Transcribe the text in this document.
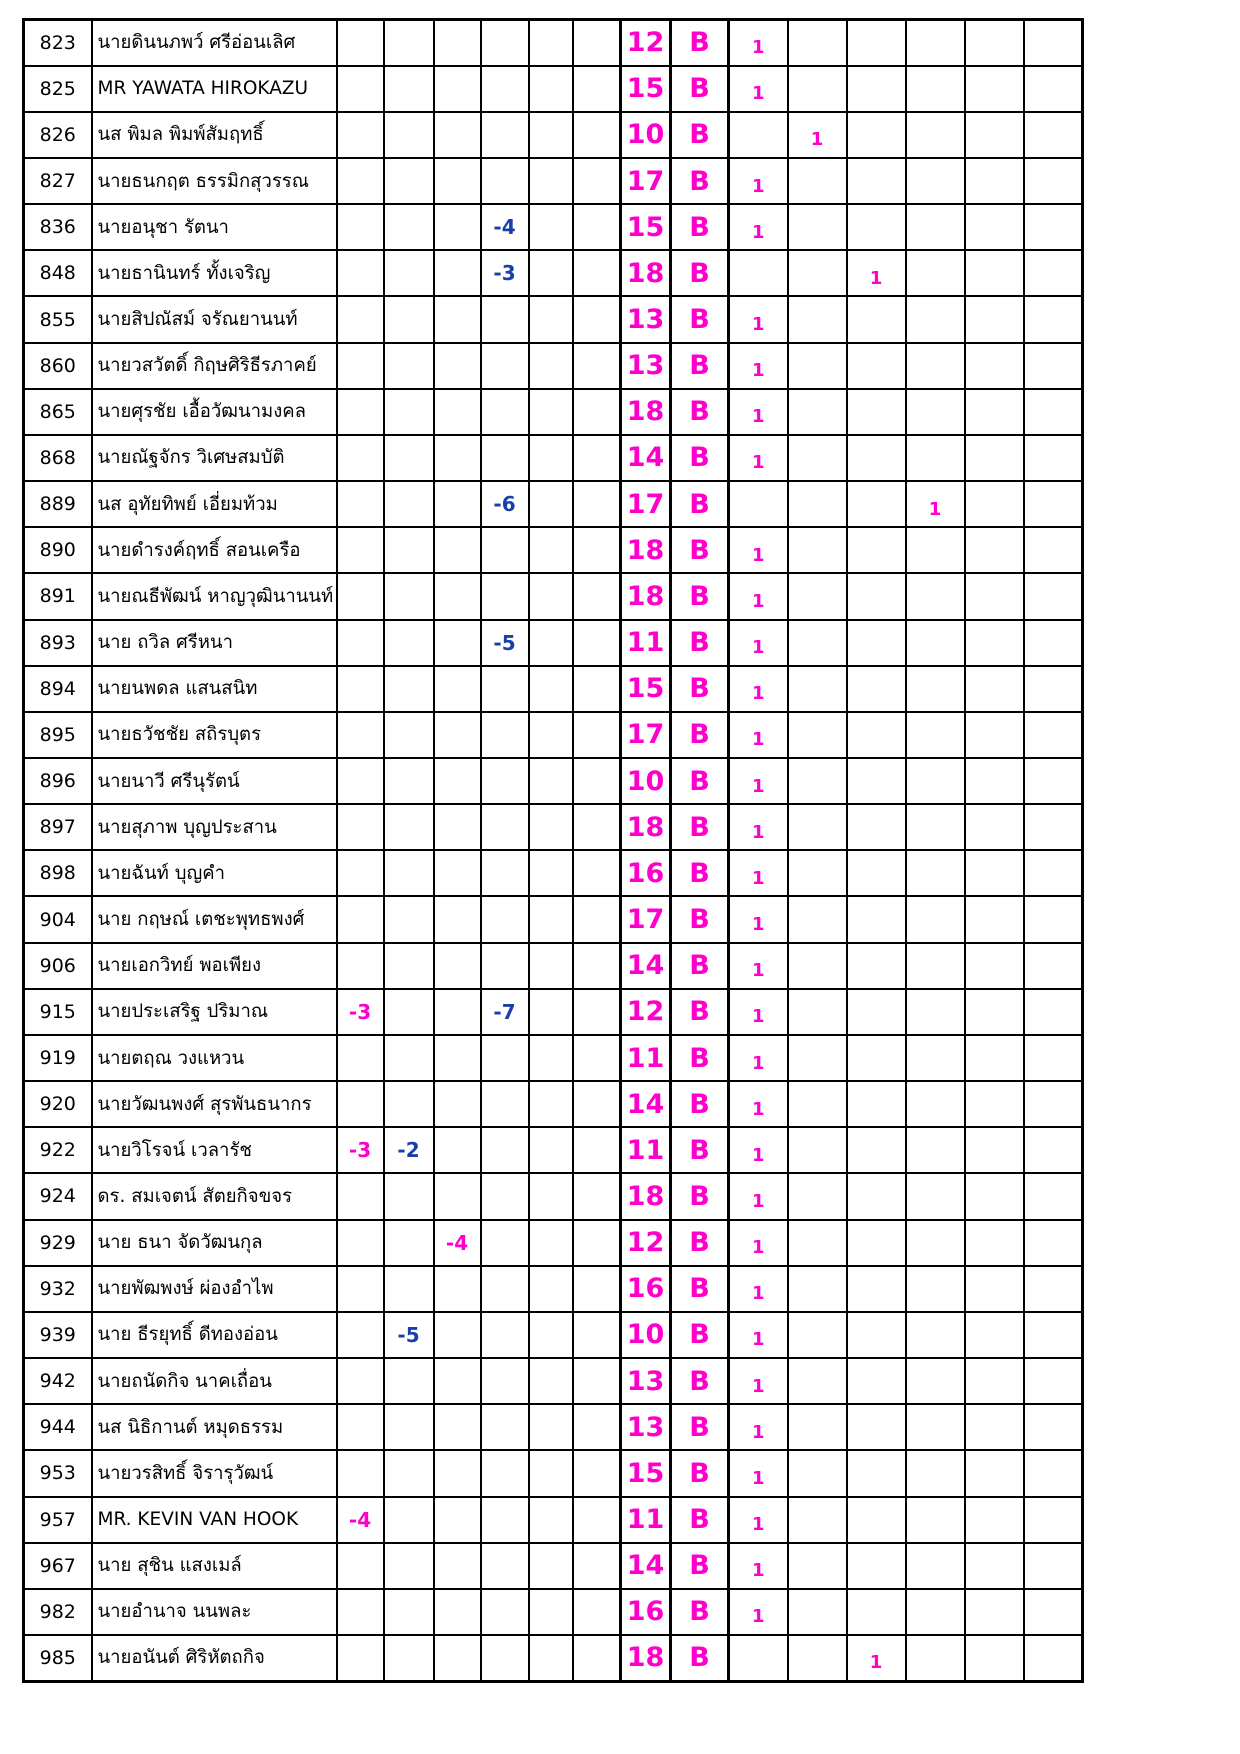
823	นายดินนภพว์ ศรีอ่อนเลิศ							12	B	1					
825	MR YAWATA HIROKAZU							15	B	1					
826	นส พิมล พิมพ์สัมฤทธิ์							10	B		1				
827	นายธนกฤต ธรรมิกสุวรรณ							17	B	1					
836	นายอนุชา รัตนา				-4			15	B	1					
848	นายธานินทร์ ทั้งเจริญ				-3			18	B			1			
855	นายสิปณัสม์ จรัณยานนท์							13	B	1					
860	นายวสวัตดิ์ กิฤษศิริธีรภาคย์							13	B	1					
865	นายศุรชัย เอื้อวัฒนามงคล							18	B	1					
868	นายณัฐจักร วิเศษสมบัติ							14	B	1					
889	นส อุทัยทิพย์ เอี่ยมท้วม				-6			17	B				1		
890	นายดำรงค์ฤทธิ์ สอนเครือ							18	B	1					
891	นายณธีพัฒน์ หาญวุฒินานนท์							18	B	1					
893	นาย ถวิล ศรีหนา				-5			11	B	1					
894	นายนพดล แสนสนิท							15	B	1					
895	นายธวัชชัย สถิรบุตร							17	B	1					
896	นายนาวี ศรีนุรัตน์							10	B	1					
897	นายสุภาพ บุญประสาน							18	B	1					
898	นายฉันท์ บุญคำ							16	B	1					
904	นาย กฤษณ์ เตชะพุทธพงศ์							17	B	1					
906	นายเอกวิทย์ พอเพียง							14	B	1					
915	นายประเสริฐ ปริมาณ	-3			-7			12	B	1					
919	นายตฤณ วงแหวน							11	B	1					
920	นายวัฒนพงศ์ สุรพันธนากร							14	B	1					
922	นายวิโรจน์ เวลารัช	-3	-2					11	B	1					
924	ดร. สมเจตน์ สัตยกิจขจร							18	B	1					
929	นาย ธนา จัดวัฒนกุล			-4				12	B	1					
932	นายพัฒพงษ์ ผ่องอำไพ							16	B	1					
939	นาย ธีรยุทธิ์ ดีทองอ่อน		-5					10	B	1					
942	นายถนัดกิจ นาคเถื่อน							13	B	1					
944	นส นิธิกานต์ หมุดธรรม							13	B	1					
953	นายวรสิทธิ์ จิรารุวัฒน์							15	B	1					
957	MR. KEVIN VAN HOOK	-4						11	B	1					
967	นาย สุชิน แสงเมล์							14	B	1					
982	นายอำนาจ นนพละ							16	B	1					
985	นายอนันต์ ศิริหัตถกิจ							18	B			1			
